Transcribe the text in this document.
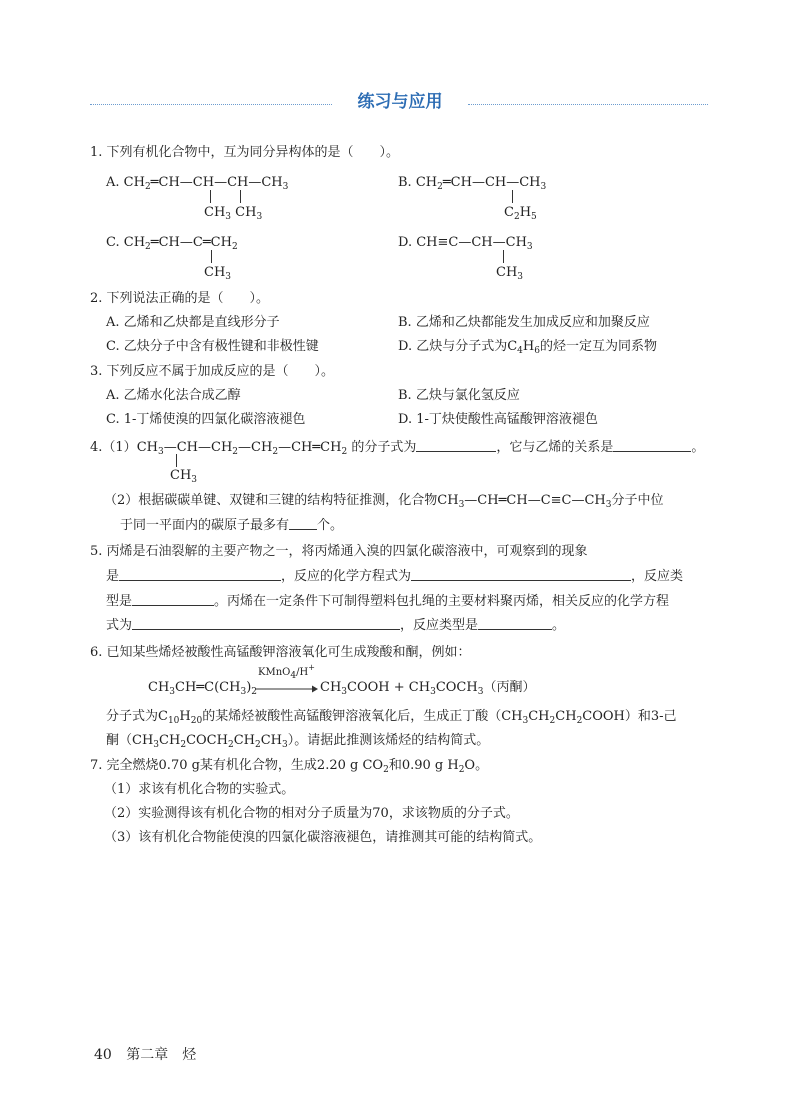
练习与应用
1. 下列有机化合物中，互为同分异构体的是（　　）。
A. $CH_2═CH—CH—CH—CH_3$
$CH_3$ $CH_3$
B. $CH_2═CH—CH—CH_3$
$C_2H_5$
C. $CH_2═CH—C═CH_2$
$CH_3$
D. $CH\equiv C—CH—CH_3$
$CH_3$
2. 下列说法正确的是（　　）。
A. 乙烯和乙炔都是直线形分子	B. 乙烯和乙炔都能发生加成反应和加聚反应
C. 乙炔分子中含有极性键和非极性键	D. 乙炔与分子式为$C_4H_6$的烃一定互为同系物
3. 下列反应不属于加成反应的是（　　）。
A. 乙烯水化法合成乙醇	B. 乙炔与氯化氢反应
C. 1-丁烯使溴的四氯化碳溶液褪色	D. 1-丁炔使酸性高锰酸钾溶液褪色
$4.(1)CH_3—CH—CH_2—CH_2—CH═CH_2$ 的分子式为	，它与乙烯的关系是	。
$CH_3$
（2）根据碳碳单键、双键和三键的结构特征推测，化合物$CH_3—CH═CH—C\equiv C—CH_3$分子中位
于同一平面内的碳原子最多有 个。
5. 丙烯是石油裂解的主要产物之一，将丙烯通入溴的四氯化碳溶液中，可观察到的现象
是	，反应的化学方程式为	，反应类
型是	。丙烯在一定条件下可制得塑料包扎绳的主要材料聚丙烯，相关反应的化学方程
式为	，反应类型是	。
6. 已知某些烯烃被酸性高锰酸钾溶液氧化可生成羧酸和酮，例如：
$CH_3CH═C(CH_3)_2$
KMnO$_4$/H+
$CH_3COOH$ + $CH_3COCH_3$（丙酮）
分子式为$C_{10}H_{20}$的某烯烃被酸性高锰酸钾溶液氧化后，生成正丁酸$(CH_3CH_2CH_2COOH)$和3-己
酮$(CH_3CH_2COCH_2CH_2CH_3)$。请据此推测该烯烃的结构简式。
7. 完全燃烧0.70 g某有机化合物，生成2.20 g $CO_2$和0.90 g $H_2O$。
（1）求该有机化合物的实验式。
（2）实验测得该有机化合物的相对分子质量为70，求该物质的分子式。
（3）该有机化合物能使溴的四氯化碳溶液褪色，请推测其可能的结构简式。
40 第二章　烃
